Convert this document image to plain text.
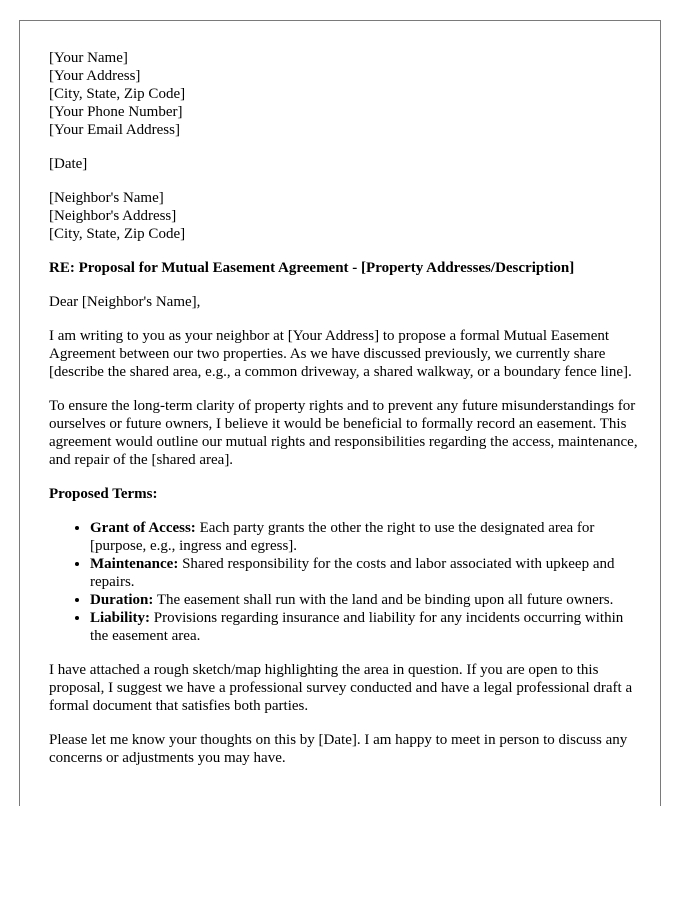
[Your Name]
[Your Address]
[City, State, Zip Code]
[Your Phone Number]
[Your Email Address]
[Date]
[Neighbor's Name]
[Neighbor's Address]
[City, State, Zip Code]

RE: Proposal for Mutual Easement Agreement - [Property Addresses/Description]

Dear [Neighbor's Name],

I am writing to you as your neighbor at [Your Address] to propose a formal Mutual Easement Agreement between our two properties. As we have discussed previously, we currently share [describe the shared area, e.g., a common driveway, a shared walkway, or a boundary fence line].

To ensure the long-term clarity of property rights and to prevent any future misunderstandings for ourselves or future owners, I believe it would be beneficial to formally record an easement. This agreement would outline our mutual rights and responsibilities regarding the access, maintenance, and repair of the [shared area].

Proposed Terms:

• Grant of Access: Each party grants the other the right to use the designated area for [purpose, e.g., ingress and egress].
• Maintenance: Shared responsibility for the costs and labor associated with upkeep and repairs.
• Duration: The easement shall run with the land and be binding upon all future owners.
• Liability: Provisions regarding insurance and liability for any incidents occurring within the easement area.

I have attached a rough sketch/map highlighting the area in question. If you are open to this proposal, I suggest we have a professional survey conducted and have a legal professional draft a formal document that satisfies both parties.

Please let me know your thoughts on this by [Date]. I am happy to meet in person to discuss any concerns or adjustments you may have.
